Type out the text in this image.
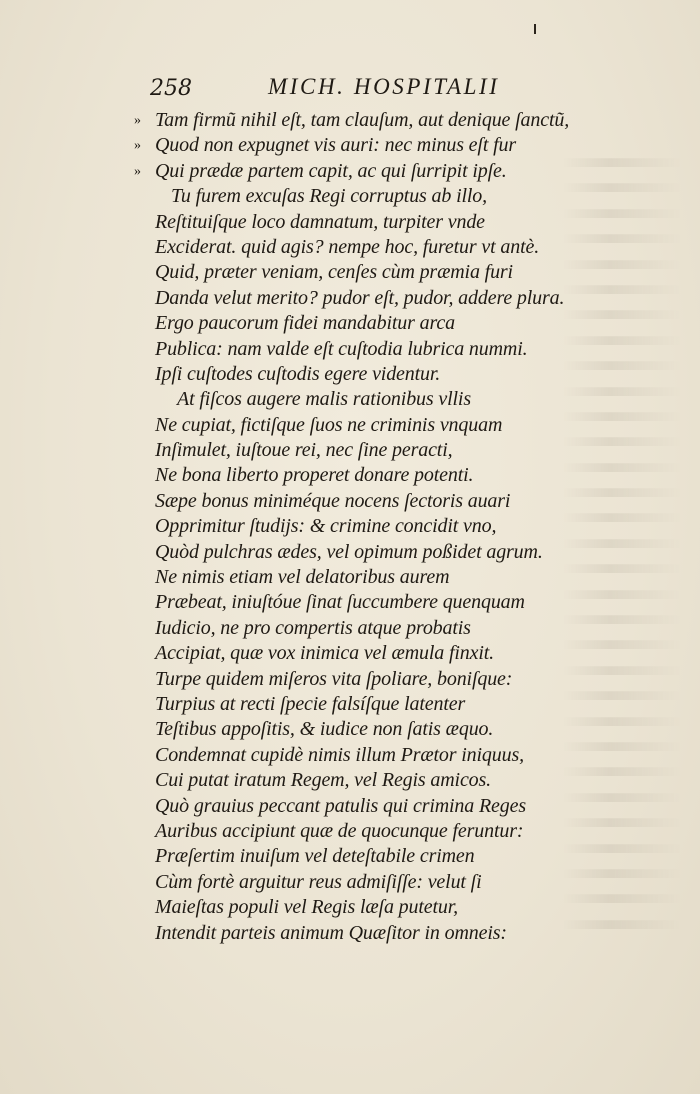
258	MICH. HOSPITALII
» Tam firmũ nihil eſt, tam clauſum, aut denique ſanctũ,
» Quod non expugnet vis auri: nec minus eſt fur
» Qui prædæ partem capit, ac qui ſurripit ipſe.
Tu furem excuſas Regi corruptus ab illo,
Reſtituiſque loco damnatum, turpiter vnde
Exciderat. quid agis? nempe hoc, furetur vt antè.
Quid, præter veniam, cenſes cùm præmia furi
Danda velut merito? pudor eſt, pudor, addere plura.
Ergo paucorum fidei mandabitur arca
Publica: nam valde eſt cuſtodia lubrica nummi.
Ipſi cuſtodes cuſtodis egere videntur.
At fiſcos augere malis rationibus vllis
Ne cupiat, fictiſque ſuos ne criminis vnquam
Inſimulet, iuſtoue rei, nec ſine peracti,
Ne bona liberto properet donare potenti.
Sæpe bonus miniméque nocens ſectoris auari
Opprimitur ſtudijs: & crimine concidit vno,
Quòd pulchras ædes, vel opimum poßidet agrum.
Ne nimis etiam vel delatoribus aurem
Præbeat, iniuſtóue ſinat ſuccumbere quenquam
Iudicio, ne pro compertis atque probatis
Accipiat, quæ vox inimica vel æmula finxit.
Turpe quidem miſeros vita ſpoliare, boniſque:
Turpius at recti ſpecie falsíſque latenter
Teſtibus appoſitis, & iudice non ſatis æquo.
Condemnat cupidè nimis illum Prætor iniquus,
Cui putat iratum Regem, vel Regis amicos.
Quò grauius peccant patulis qui crimina Reges
Auribus accipiunt quæ de quocunque feruntur:
Præſertim inuiſum vel deteſtabile crimen
Cùm fortè arguitur reus admiſiſſe: velut ſi
Maieſtas populi vel Regis læſa putetur,
Intendit parteis animum Quæſitor in omneis:
